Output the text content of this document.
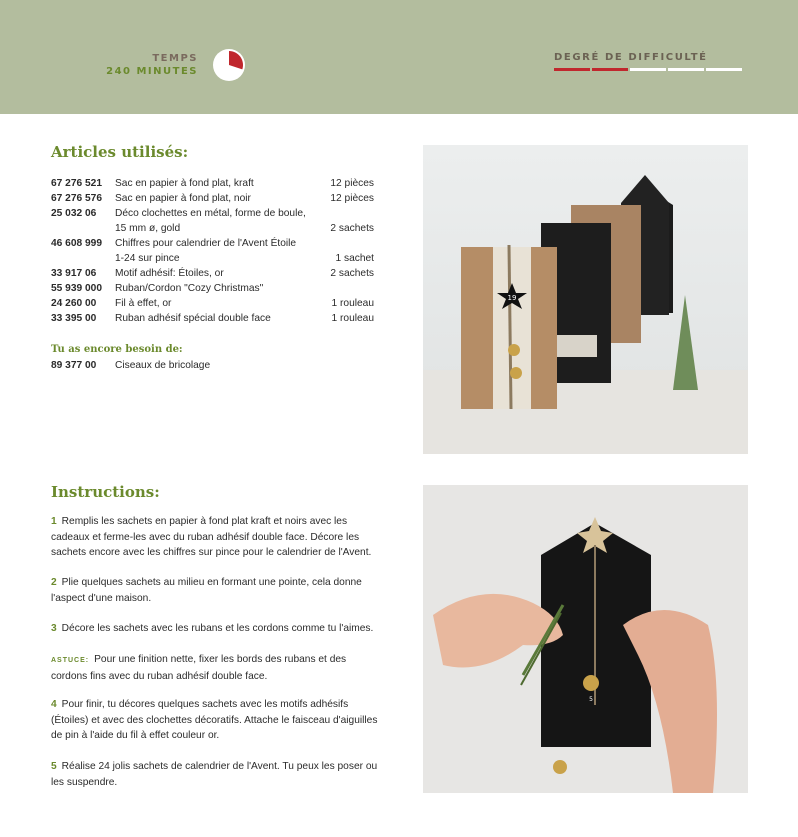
TEMPS
240 MINUTES
DEGRÉ DE DIFFICULTÉ
Articles utilisés:
67 276 521	Sac en papier à fond plat, kraft	12 pièces
67 276 576	Sac en papier à fond plat, noir	12 pièces
25 032 06	Déco clochettes en métal, forme de boule,
15 mm ø, gold	2 sachets
46 608 999	Chiffres pour calendrier de l'Avent Étoile
1-24 sur pince	1 sachet
33 917 06	Motif adhésif: Étoiles, or	2 sachets
55 939 000	Ruban/Cordon "Cozy Christmas"
24 260 00	Fil à effet, or	1 rouleau
33 395 00	Ruban adhésif spécial double face	1 rouleau
Tu as encore besoin de:
89 377 00	Ciseaux de bricolage
Instructions:

1 Remplis les sachets en papier à fond plat kraft et noirs avec les cadeaux et ferme-les avec du ruban adhésif double face. Décore les sachets encore avec les chiffres sur pince pour le calendrier de l'Avent.

2 Plie quelques sachets au milieu en formant une pointe, cela donne l'aspect d'une maison.

3 Décore les sachets avec les rubans et les cordons comme tu l'aimes.

ASTUCE: Pour une finition nette, fixer les bords des rubans et des cordons fins avec du ruban adhésif double face.

4 Pour finir, tu décores quelques sachets avec les motifs adhésifs (Étoiles) et avec des clochettes décoratifs. Attache le faisceau d'aiguilles de pin à l'aide du fil à effet couleur or.

5 Réalise 24 jolis sachets de calendrier de l'Avent. Tu peux les poser ou les suspendre.

19
5
